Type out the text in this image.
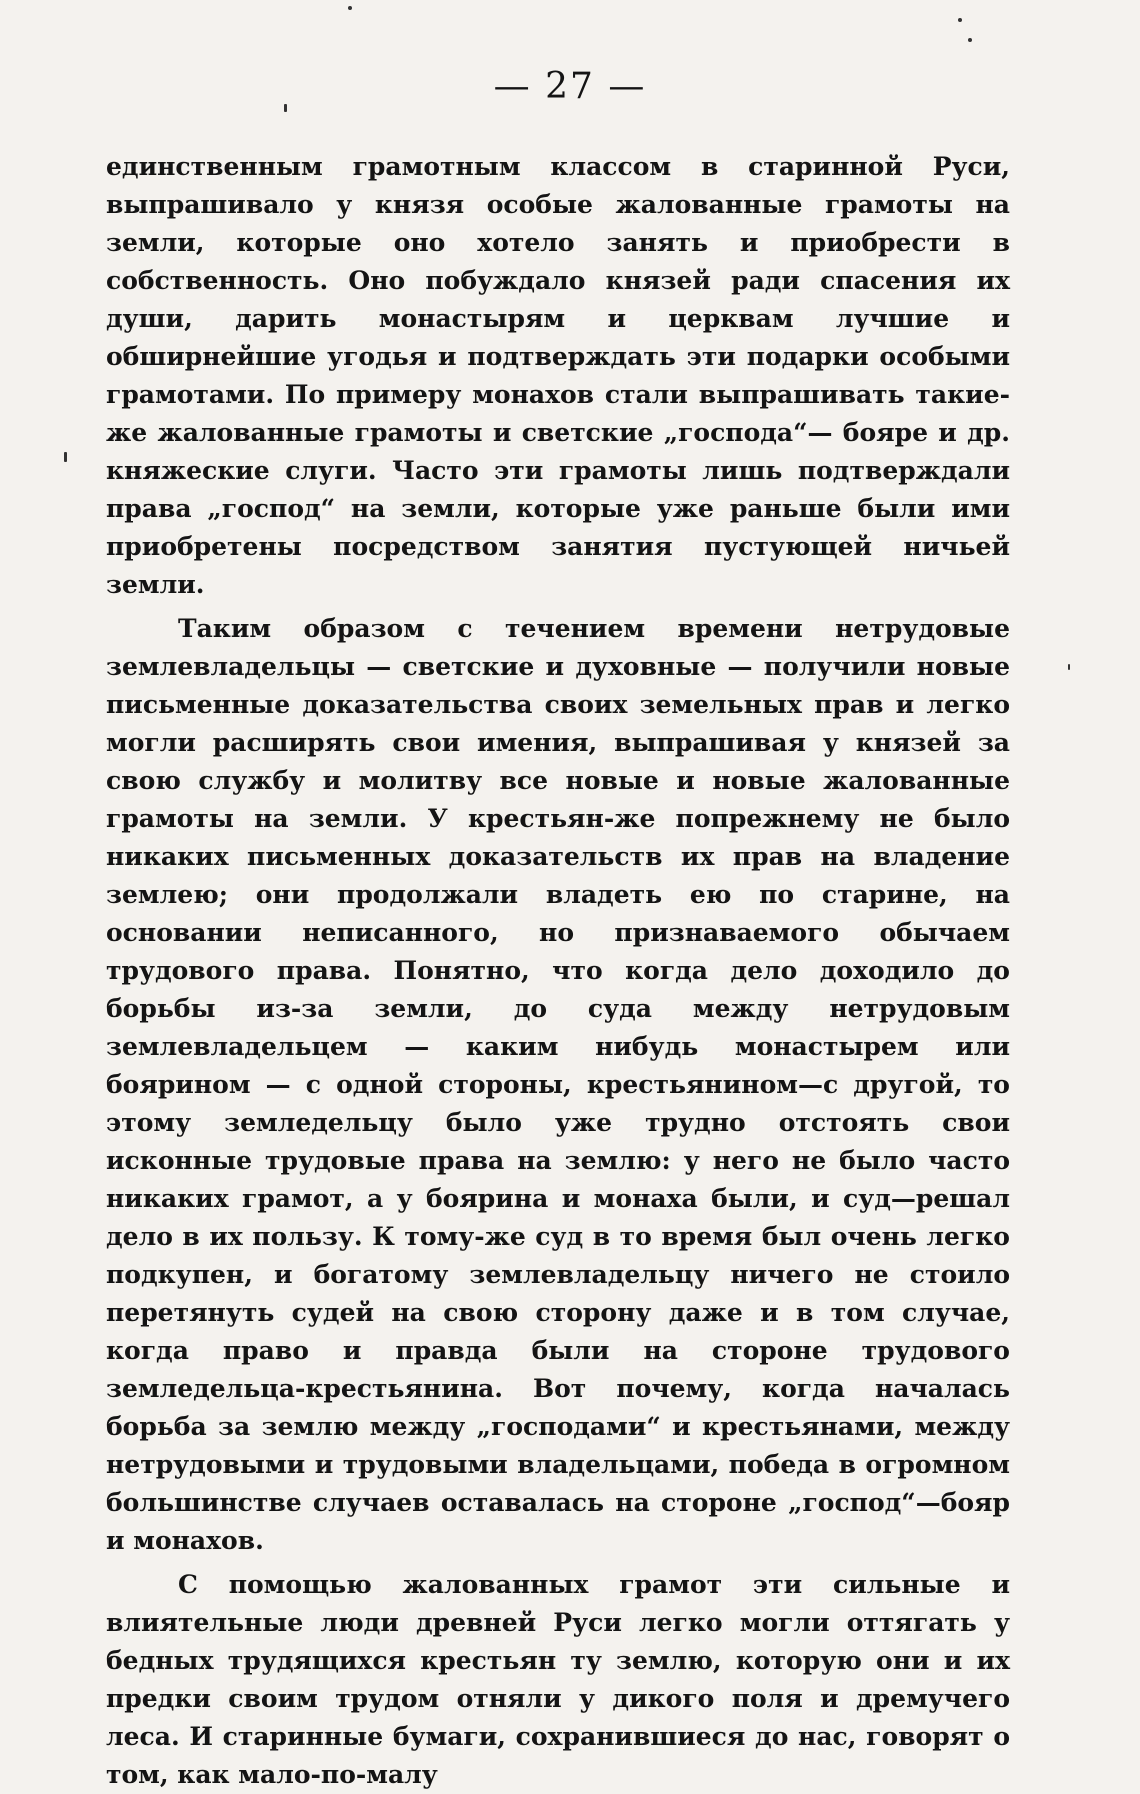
— 27 —

единственным грамотным классом в старинной Руси, выпрашивало у князя особые жалованные грамоты на земли, которые оно хотело занять и приобрести в собственность. Оно побуждало князей ради спасения их души, дарить монастырям и церквам лучшие и обширнейшие угодья и подтверждать эти подарки особыми грамотами. По примеру монахов стали выпрашивать такие-же жалованные грамоты и светские „господа“— бояре и др. княжеские слуги. Часто эти грамоты лишь подтверждали права „господ“ на земли, которые уже раньше были ими приобретены посредством занятия пустующей ничьей земли.

Таким образом с течением времени нетрудовые землевладельцы — светские и духовные — получили новые письменные доказательства своих земельных прав и легко могли расширять свои имения, выпрашивая у князей за свою службу и молитву все новые и новые жалованные грамоты на земли. У крестьян-же попрежнему не было никаких письменных доказательств их прав на владение землею; они продолжали владеть ею по старине, на основании неписанного, но признаваемого обычаем трудового права. Понятно, что когда дело доходило до борьбы из-за земли, до суда между нетрудовым землевладельцем — каким нибудь монастырем или боярином — с одной стороны, крестьянином—с другой, то этому земледельцу было уже трудно отстоять свои исконные трудовые права на землю: у него не было часто никаких грамот, а у боярина и монаха были, и суд—решал дело в их пользу. К тому-же суд в то время был очень легко подкупен, и богатому землевладельцу ничего не стоило перетянуть судей на свою сторону даже и в том случае, когда право и правда были на стороне трудового земледельца-крестьянина. Вот почему, когда началась борьба за землю между „господами“ и крестьянами, между нетрудовыми и трудовыми владельцами, победа в огромном большинстве случаев оставалась на стороне „господ“—бояр и монахов.

С помощью жалованных грамот эти сильные и влиятельные люди древней Руси легко могли оттягать у бедных трудящихся крестьян ту землю, которую они и их предки своим трудом отняли у дикого поля и дремучего леса. И старинные бумаги, сохранившиеся до нас, говорят о том, как мало-по-малу
